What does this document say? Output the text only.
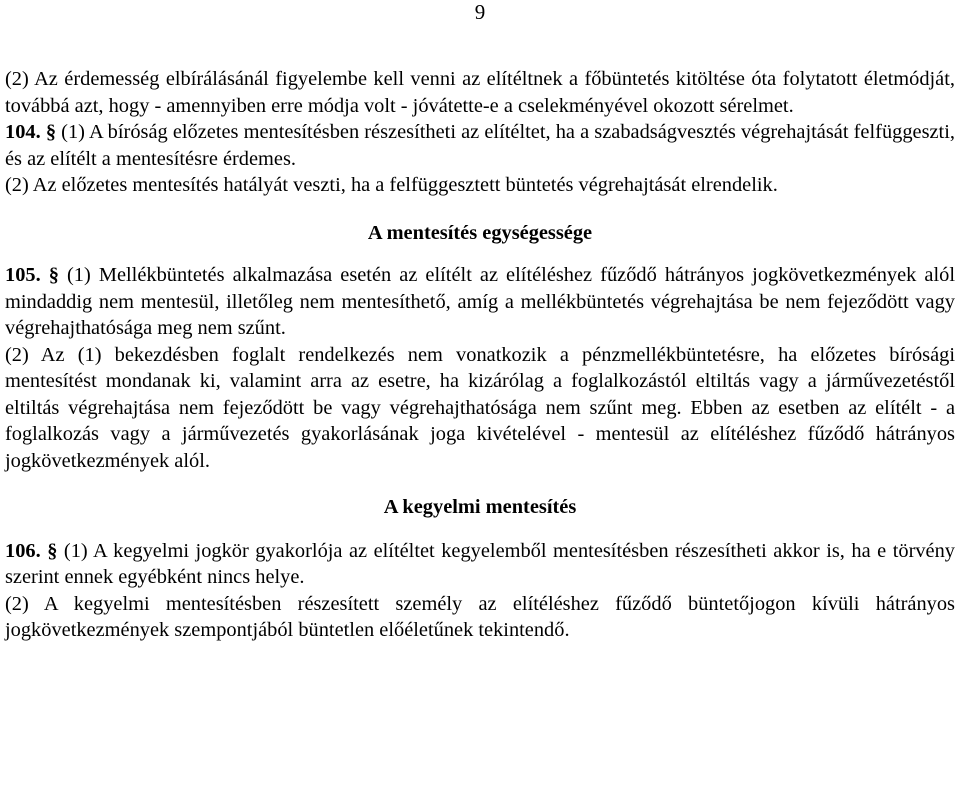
9

(2) Az érdemesség elbírálásánál figyelembe kell venni az elítéltnek a főbüntetés kitöltése óta folytatott életmódját, továbbá azt, hogy - amennyiben erre módja volt - jóvátette-e a cselekményével okozott sérelmet.

104. § (1) A bíróság előzetes mentesítésben részesítheti az elítéltet, ha a szabadságvesztés végrehajtását felfüggeszti, és az elítélt a mentesítésre érdemes.

(2) Az előzetes mentesítés hatályát veszti, ha a felfüggesztett büntetés végrehajtását elrendelik.

A mentesítés egységessége

105. § (1) Mellékbüntetés alkalmazása esetén az elítélt az elítéléshez fűződő hátrányos jogkövetkezmények alól mindaddig nem mentesül, illetőleg nem mentesíthető, amíg a mellékbüntetés végrehajtása be nem fejeződött vagy végrehajthatósága meg nem szűnt.

(2) Az (1) bekezdésben foglalt rendelkezés nem vonatkozik a pénzmellékbüntetésre, ha előzetes bírósági mentesítést mondanak ki, valamint arra az esetre, ha kizárólag a foglalkozástól eltiltás vagy a járművezetéstől eltiltás végrehajtása nem fejeződött be vagy végrehajthatósága nem szűnt meg. Ebben az esetben az elítélt - a foglalkozás vagy a járművezetés gyakorlásának joga kivételével - mentesül az elítéléshez fűződő hátrányos jogkövetkezmények alól.

A kegyelmi mentesítés

106. § (1) A kegyelmi jogkör gyakorlója az elítéltet kegyelemből mentesítésben részesítheti akkor is, ha e törvény szerint ennek egyébként nincs helye.

(2) A kegyelmi mentesítésben részesített személy az elítéléshez fűződő büntetőjogon kívüli hátrányos jogkövetkezmények szempontjából büntetlen előéletűnek tekintendő.
